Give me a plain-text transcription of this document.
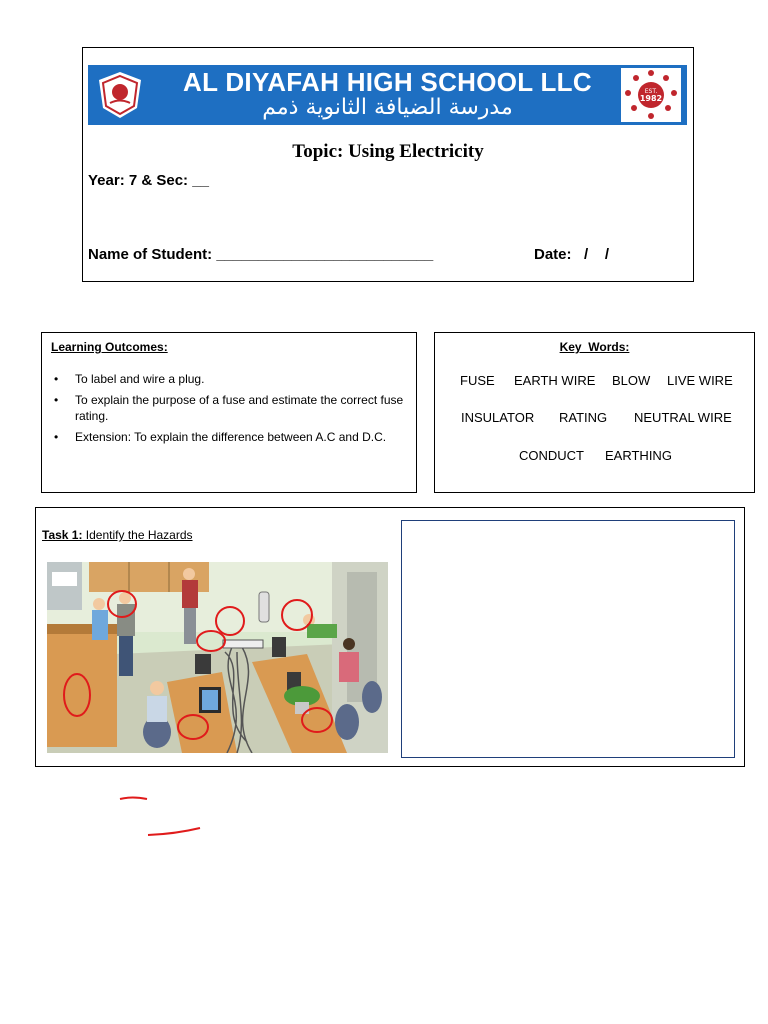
AL DIYAFAH HIGH SCHOOL LLC
مدرسة الضيافة الثانوية ذمم
EST.
1982
Topic: Using Electricity
Year: 7 & Sec: __
Name of Student: __________________________	Date:   /    /
Learning Outcomes:
• To label and wire a plug.
• To explain the purpose of a fuse and estimate the correct fuse rating.
• Extension: To explain the difference between A.C and D.C.
Key  Words:
FUSE EARTH WIRE BLOW LIVE WIRE
INSULATOR RATING NEUTRAL WIRE
CONDUCT EARTHING
Task 1: Identify the Hazards
